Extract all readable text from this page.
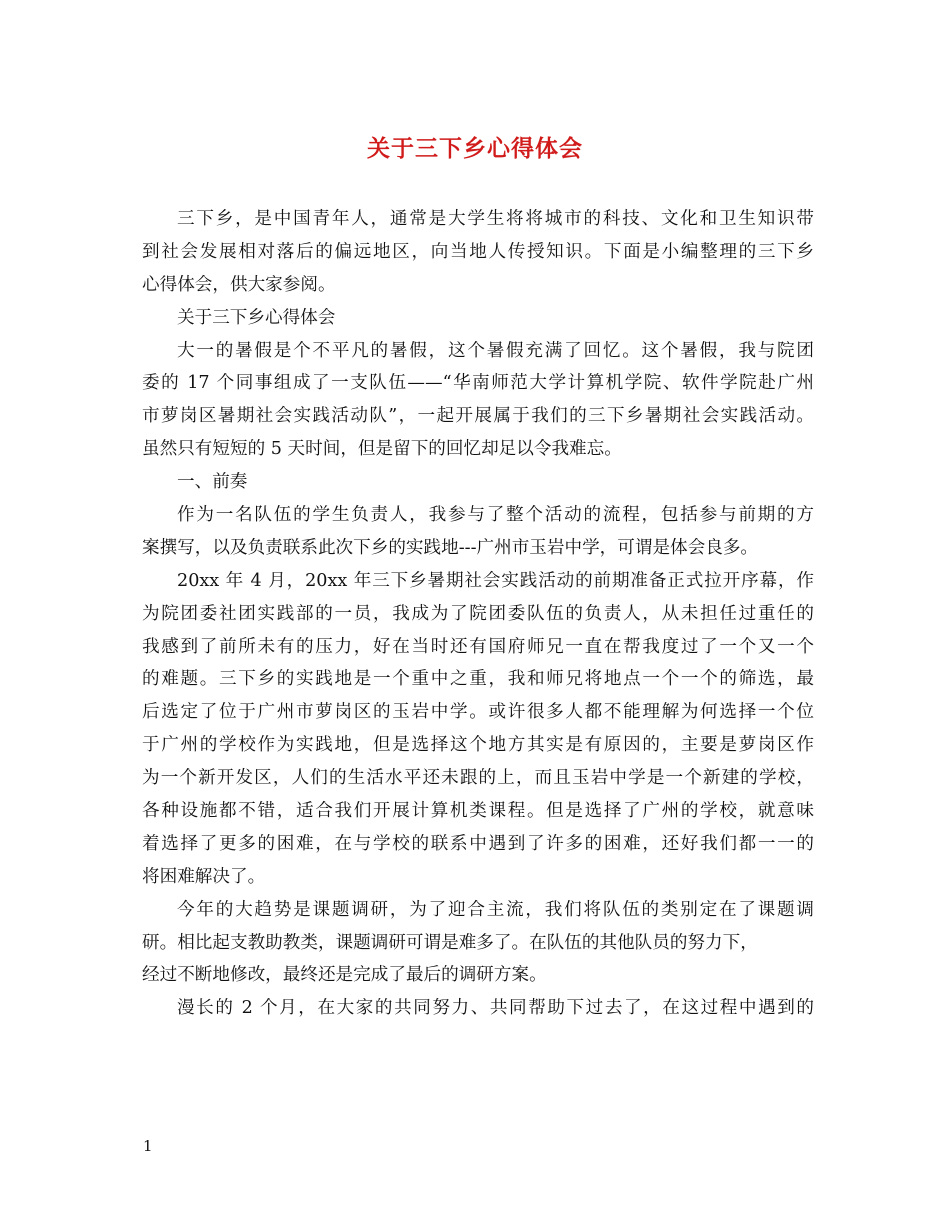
关于三下乡心得体会
三下乡，是中国青年人，通常是大学生将将城市的科技、文化和卫生知识带
到社会发展相对落后的偏远地区，向当地人传授知识。下面是小编整理的三下乡
心得体会，供大家参阅。
关于三下乡心得体会
大一的暑假是个不平凡的暑假，这个暑假充满了回忆。这个暑假，我与院团
委的 17 个同事组成了一支队伍——“华南师范大学计算机学院、软件学院赴广州
市萝岗区暑期社会实践活动队”，一起开展属于我们的三下乡暑期社会实践活动。
虽然只有短短的 5 天时间，但是留下的回忆却足以令我难忘。
一、前奏
作为一名队伍的学生负责人，我参与了整个活动的流程，包括参与前期的方
案撰写，以及负责联系此次下乡的实践地---广州市玉岩中学，可谓是体会良多。
20xx 年 4 月，20xx 年三下乡暑期社会实践活动的前期准备正式拉开序幕，作
为院团委社团实践部的一员，我成为了院团委队伍的负责人，从未担任过重任的
我感到了前所未有的压力，好在当时还有国府师兄一直在帮我度过了一个又一个
的难题。三下乡的实践地是一个重中之重，我和师兄将地点一个一个的筛选，最
后选定了位于广州市萝岗区的玉岩中学。或许很多人都不能理解为何选择一个位
于广州的学校作为实践地，但是选择这个地方其实是有原因的，主要是萝岗区作
为一个新开发区，人们的生活水平还未跟的上，而且玉岩中学是一个新建的学校，
各种设施都不错，适合我们开展计算机类课程。但是选择了广州的学校，就意味
着选择了更多的困难，在与学校的联系中遇到了许多的困难，还好我们都一一的
将困难解决了。
今年的大趋势是课题调研，为了迎合主流，我们将队伍的类别定在了课题调
研。相比起支教助教类，课题调研可谓是难多了。在队伍的其他队员的努力下，
经过不断地修改，最终还是完成了最后的调研方案。
漫长的 2 个月，在大家的共同努力、共同帮助下过去了，在这过程中遇到的
1
